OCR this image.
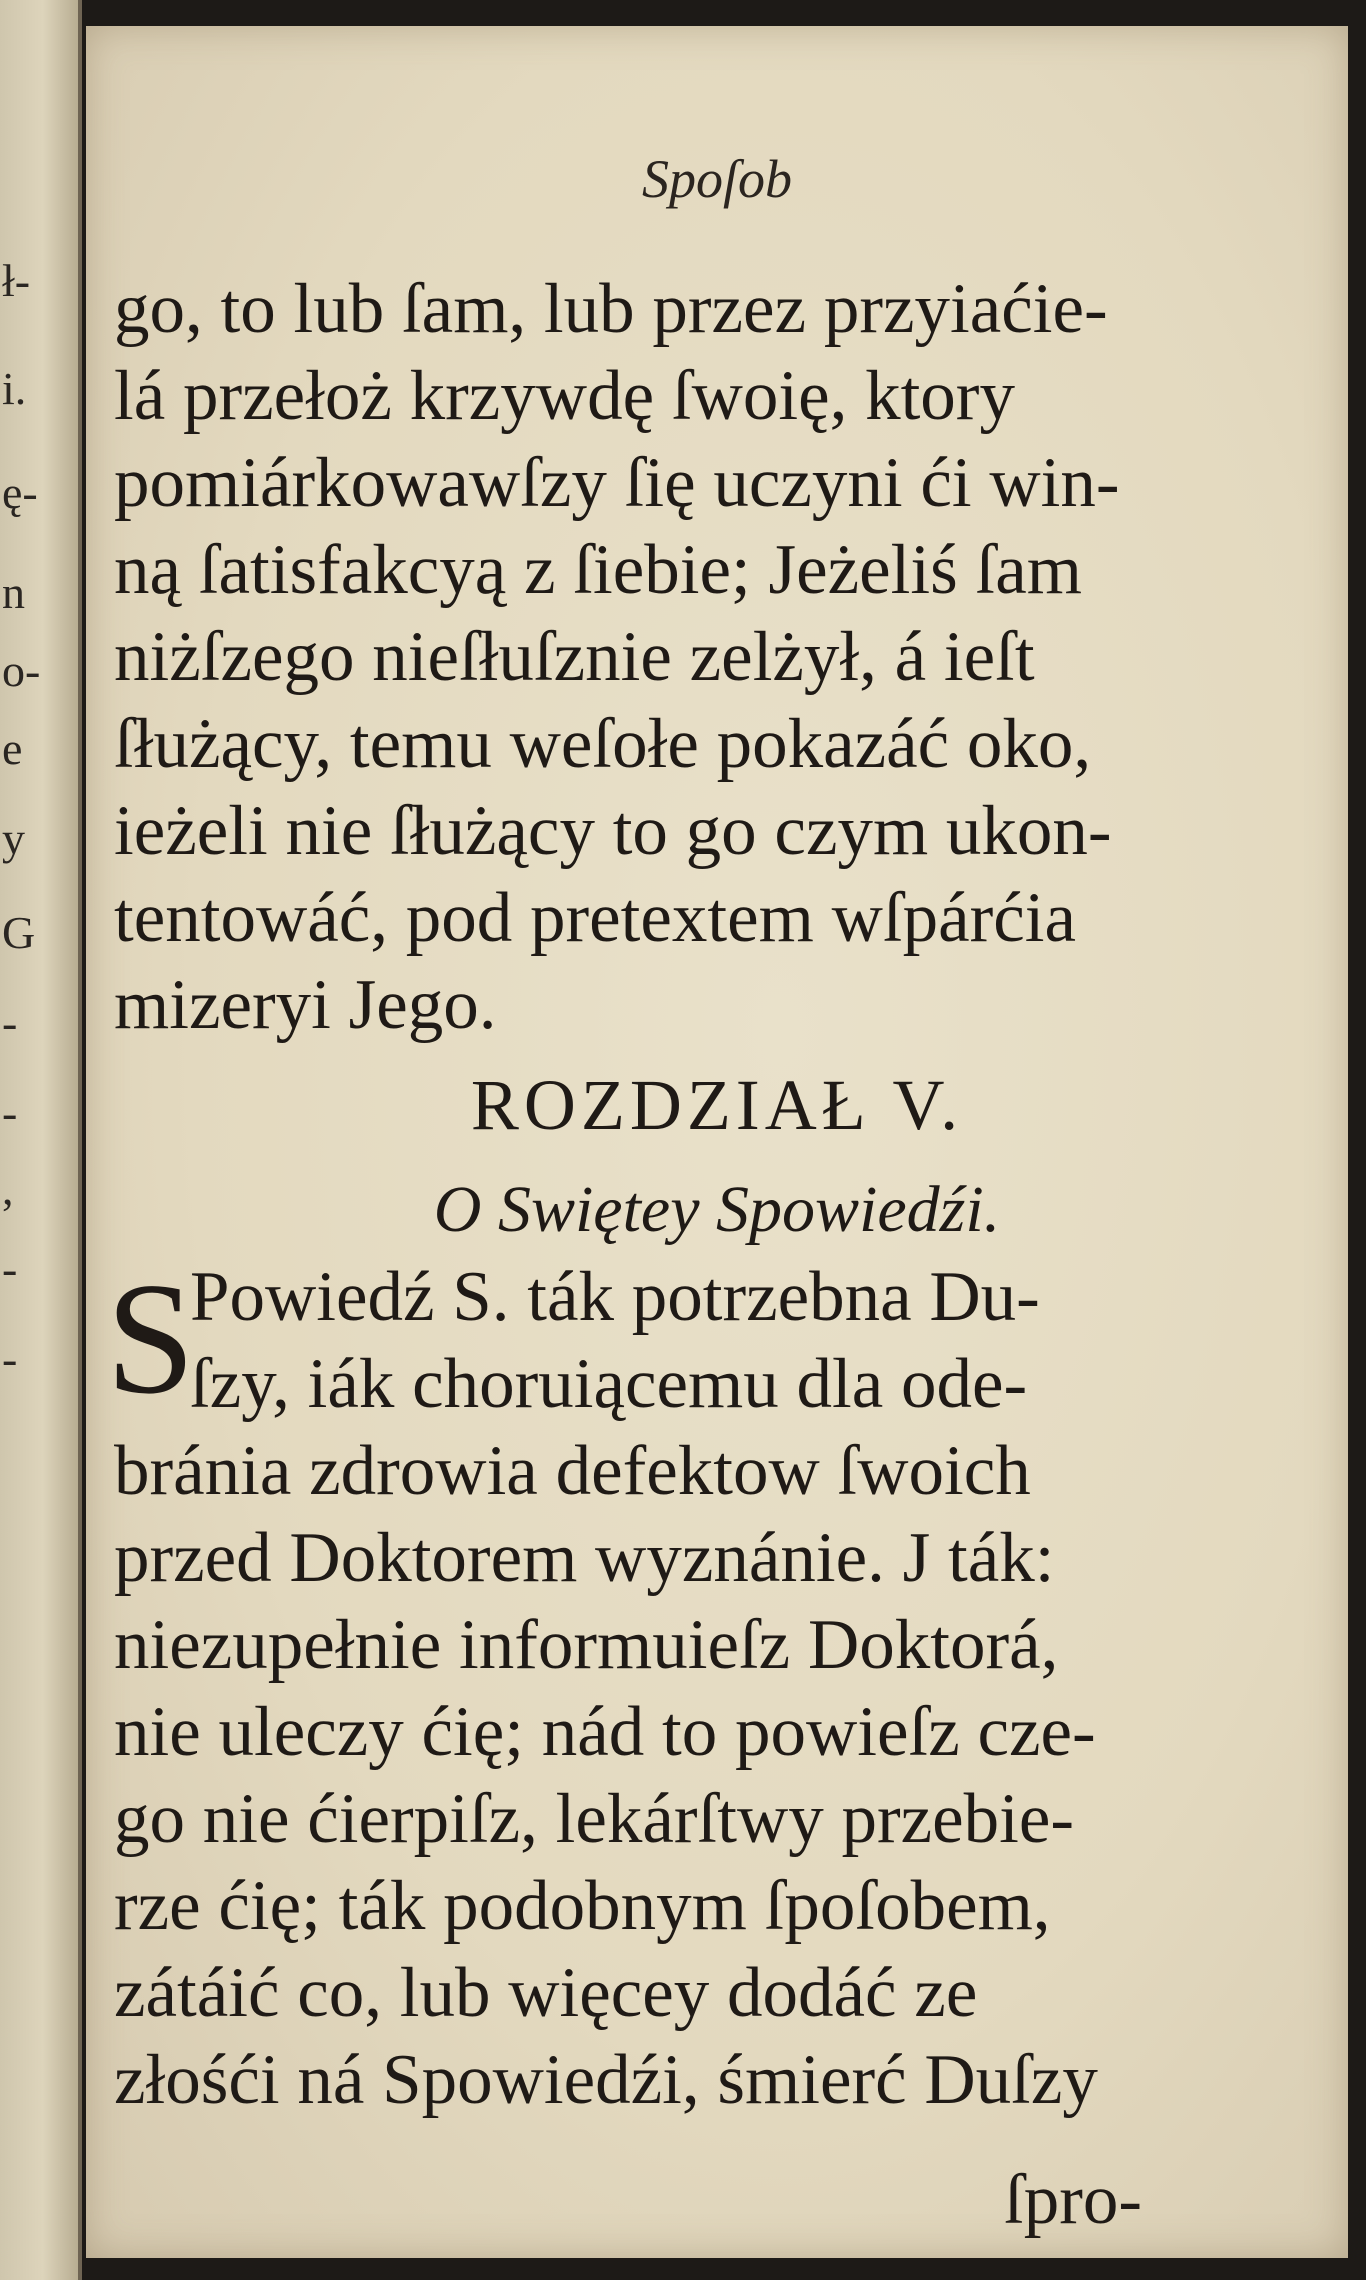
ł-
i.
ę-
n
o-
e
y
G
-
-
,
-
-
Spoſob
go, to lub ſam, lub przez przyiaćie-
lá przełoż krzywdę ſwoię, ktory
pomiárkowawſzy ſię uczyni ći win-
ną ſatisfakcyą z ſiebie; Jeżeliś ſam
niżſzego nieſłuſznie zelżył, á ieſt
ſłużący, temu weſołe pokazáć oko,
ieżeli nie ſłużący to go czym ukon-
tentowáć, pod pretextem wſpárćia
mizeryi Jego.
ROZDZIAŁ V.
O Swiętey Spowiedźi.
S
Powiedź S. ták potrzebna Du-
ſzy, iák choruiącemu dla ode-
bránia zdrowia defektow ſwoich
przed Doktorem wyznánie. J ták:
niezupełnie informuieſz Doktorá,
nie uleczy ćię; nád to powieſz cze-
go nie ćierpiſz, lekárſtwy przebie-
rze ćię; ták podobnym ſpoſobem,
zátáić co, lub więcey dodáć ze
złośći ná Spowiedźi, śmierć Duſzy
ſpro-
